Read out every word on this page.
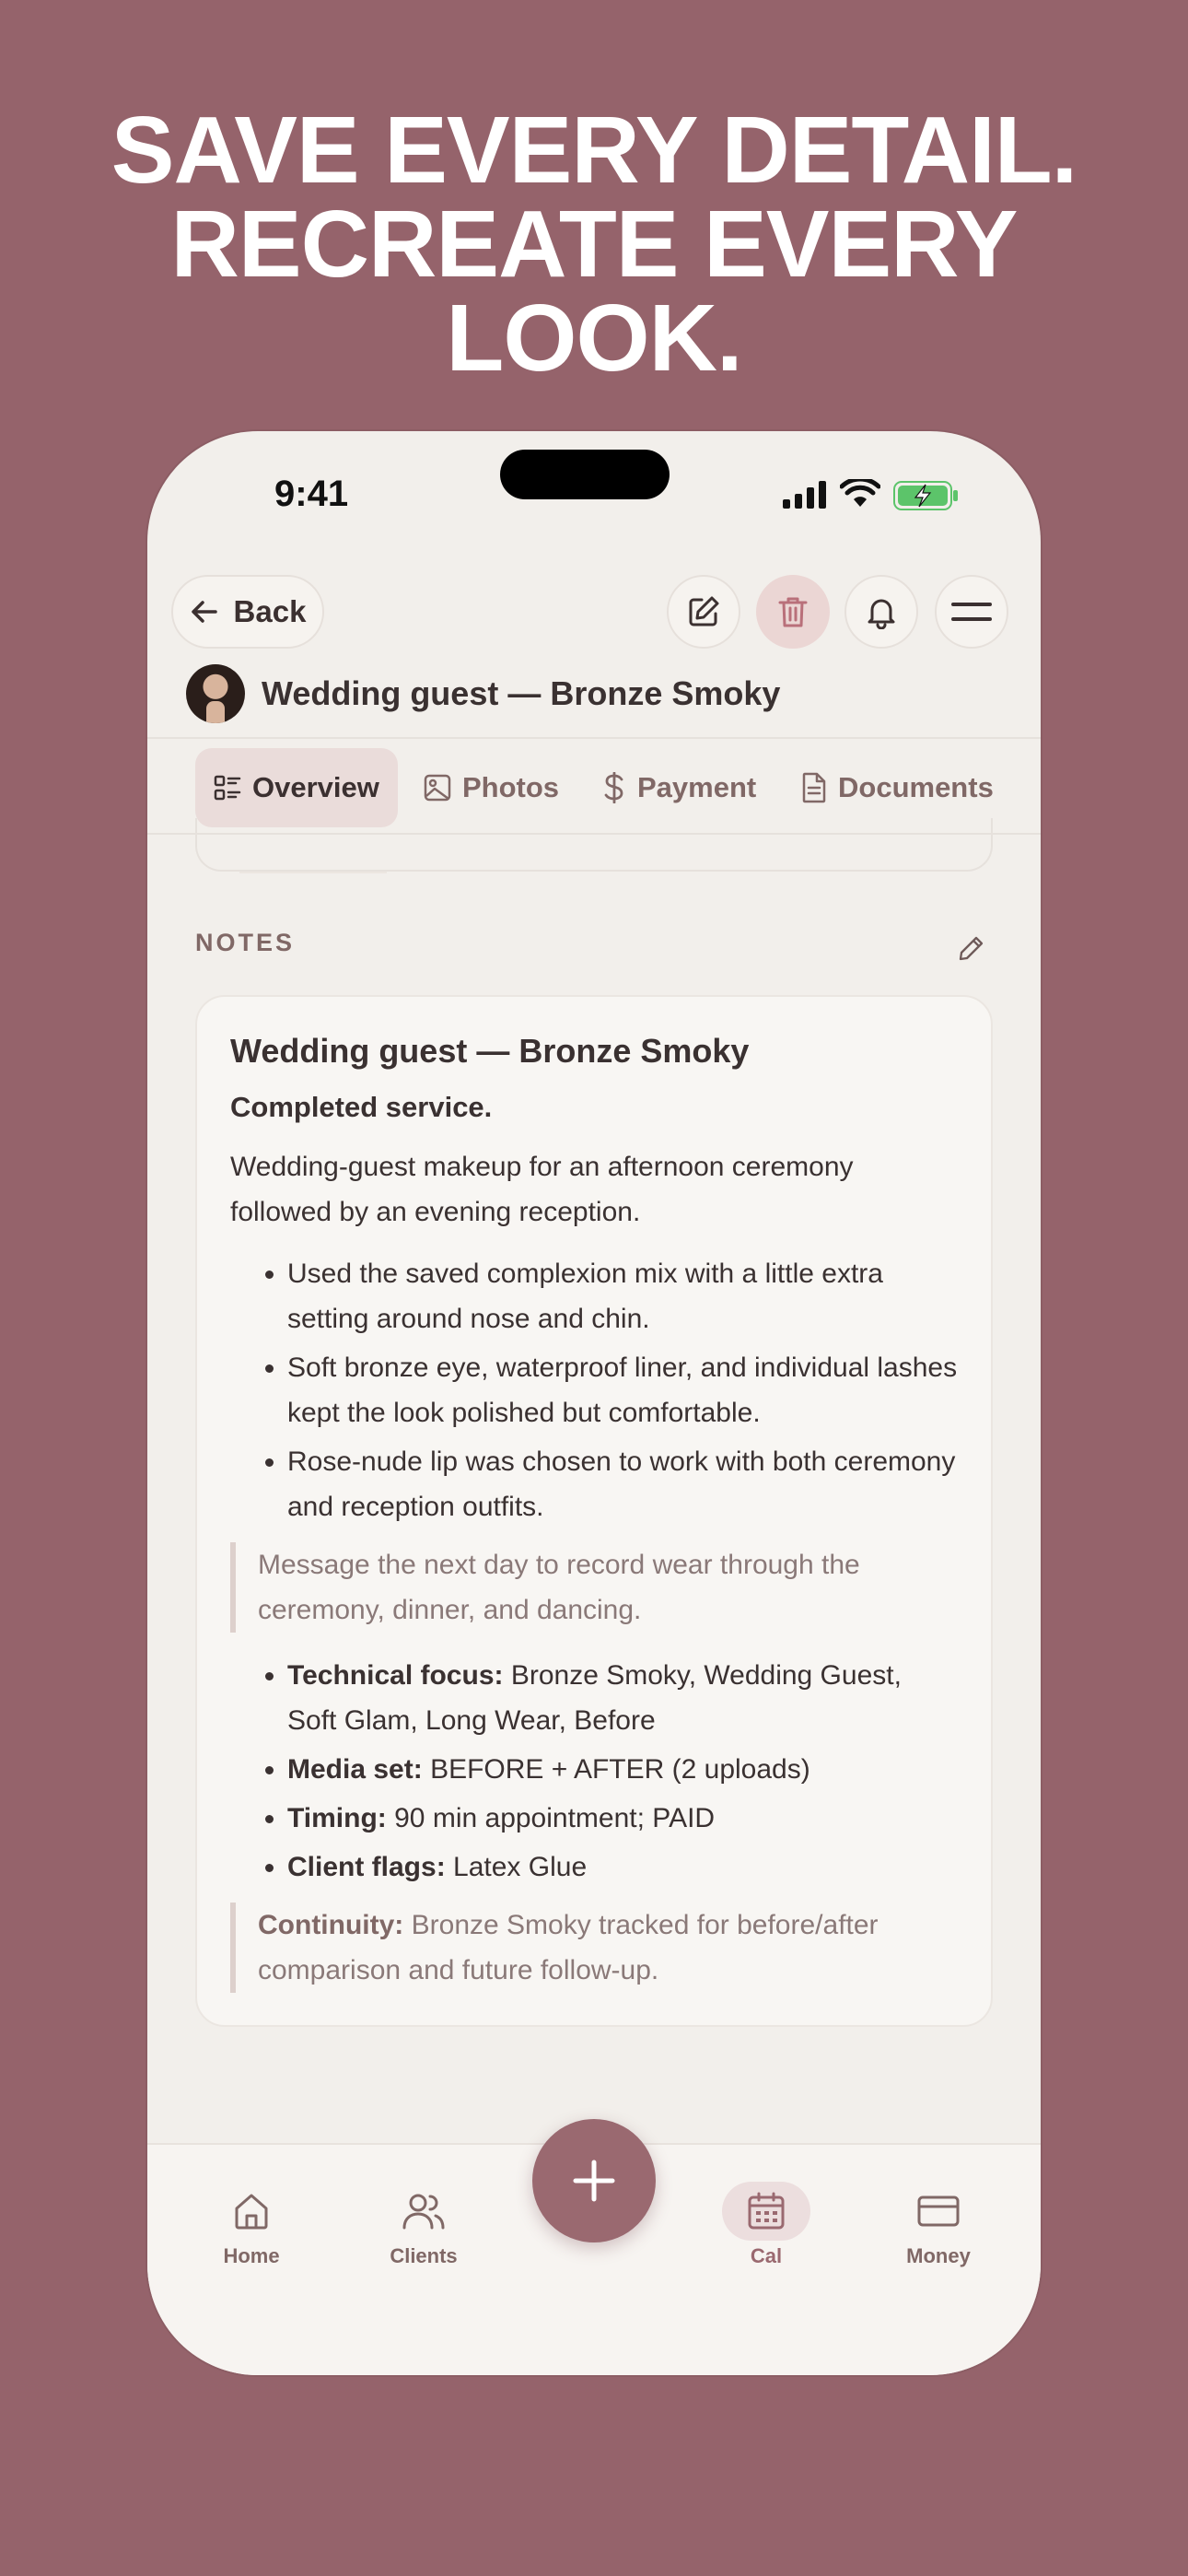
SAVE EVERY DETAIL.
RECREATE EVERY
LOOK.
9:41
Back
Wedding guest — Bronze Smoky
Overview	Photos	Payment	Documents
NOTES
Wedding guest — Bronze Smoky
Completed service.

Wedding-guest makeup for an afternoon ceremony followed by an evening reception.

• Used the saved complexion mix with a little extra setting around nose and chin.
• Soft bronze eye, waterproof liner, and individual lashes kept the look polished but comfortable.
• Rose-nude lip was chosen to work with both ceremony and reception outfits.
Message the next day to record wear through the ceremony, dinner, and dancing.
• Technical focus: Bronze Smoky, Wedding Guest, Soft Glam, Long Wear, Before
• Media set: BEFORE + AFTER (2 uploads)
• Timing: 90 min appointment; PAID
• Client flags: Latex Glue
Continuity: Bronze Smoky tracked for before/after comparison and future follow-up.
Home	Clients	Cal	Money
